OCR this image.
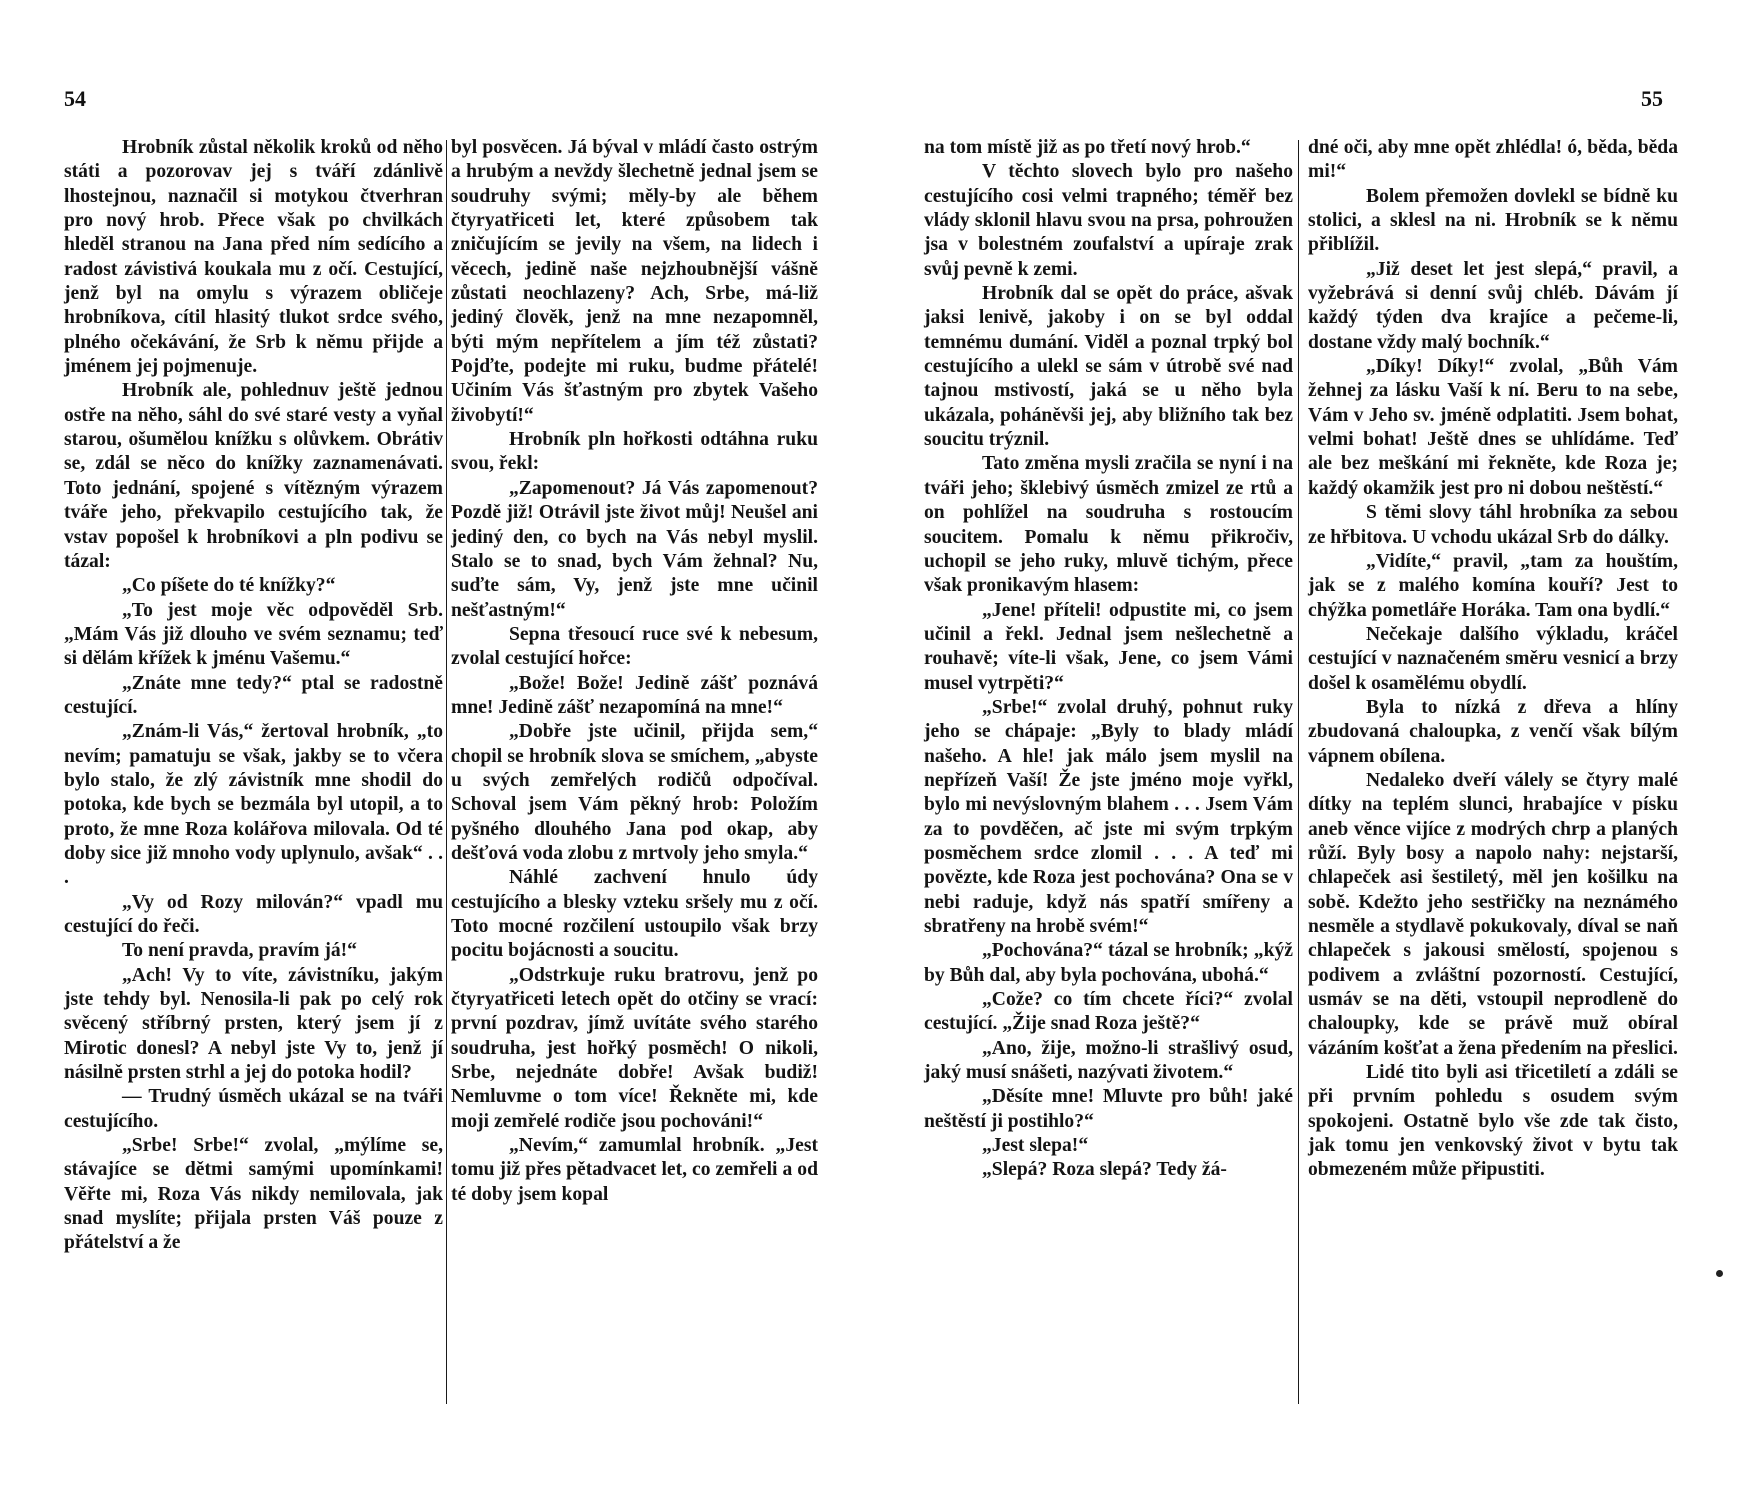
54	55

Hrobník zůstal několik kroků od něho státi a pozorovav jej s tváří zdánlivě lhostejnou, naznačil si motykou čtverhran pro nový hrob. Přece však po chvilkách hleděl stranou na Jana před ním sedícího a radost závistivá koukala mu z očí. Cestující, jenž byl na omylu s výrazem obličeje hrobníkova, cítil hlasitý tlukot srdce svého, plného očekávání, že Srb k němu přijde a jménem jej pojmenuje.

Hrobník ale, pohlednuv ještě jednou ostře na něho, sáhl do své staré vesty a vyňal starou, ošumělou knížku s olůvkem. Obrátiv se, zdál se něco do knížky zaznamenávati. Toto jednání, spojené s vítězným výrazem tváře jeho, překvapilo cestujícího tak, že vstav popošel k hrobníkovi a pln podivu se tázal:

„Co píšete do té knížky?“

„To jest moje věc odpověděl Srb. „Mám Vás již dlouho ve svém seznamu; teď si dělám křížek k jménu Vašemu.“

„Znáte mne tedy?“ ptal se radostně cestující.

„Znám-li Vás,“ žertoval hrobník, „to nevím; pamatuju se však, jakby se to včera bylo stalo, že zlý závistník mne shodil do potoka, kde bych se bezmála byl utopil, a to proto, že mne Roza kolářova milovala. Od té doby sice již mnoho vody uplynulo, avšak“ . . .

„Vy od Rozy milován?“ vpadl mu cestující do řeči.

To není pravda, pravím já!“

„Ach! Vy to víte, závistníku, jakým jste tehdy byl. Nenosila-li pak po celý rok svěcený stříbrný prsten, který jsem jí z Mirotic donesl? A nebyl jste Vy to, jenž jí násilně prsten strhl a jej do potoka hodil?

— Trudný úsměch ukázal se na tváři cestujícího.

„Srbe! Srbe!“ zvolal, „mýlíme se, stávajíce se dětmi samými upomínkami! Věřte mi, Roza Vás nikdy nemilovala, jak snad myslíte; přijala prsten Váš pouze z přátelství a že

byl posvěcen. Já býval v mládí často ostrým a hrubým a nevždy šlechetně jednal jsem se soudruhy svými; měly-by ale během čtyryatřiceti let, které způsobem tak zničujícím se jevily na všem, na lidech i věcech, jedině naše nejzhoubnější vášně zůstati neochlazeny? Ach, Srbe, má-liž jediný člověk, jenž na mne nezapomněl, býti mým nepřítelem a jím též zůstati? Pojďte, podejte mi ruku, budme přátelé! Učiním Vás šťastným pro zbytek Vašeho živobytí!“

Hrobník pln hořkosti odtáhna ruku svou, řekl:

„Zapomenout? Já Vás zapomenout? Pozdě již! Otrávil jste život můj! Neušel ani jediný den, co bych na Vás nebyl myslil. Stalo se to snad, bych Vám žehnal? Nu, suďte sám, Vy, jenž jste mne učinil nešťastným!“

Sepna třesoucí ruce své k nebesum, zvolal cestující hořce:

„Bože! Bože! Jedině zášť poznává mne! Jedině zášť nezapomíná na mne!“

„Dobře jste učinil, přijda sem,“ chopil se hrobník slova se smíchem, „abyste u svých zemřelých rodičů odpočíval. Schoval jsem Vám pěkný hrob: Položím pyšného dlouhého Jana pod okap, aby dešťová voda zlobu z mrtvoly jeho smyla.“

Náhlé zachvení hnulo údy cestujícího a blesky vzteku sršely mu z očí. Toto mocné rozčilení ustoupilo však brzy pocitu bojácnosti a soucitu.

„Odstrkuje ruku bratrovu, jenž po čtyryatřiceti letech opět do otčiny se vrací: první pozdrav, jímž uvítáte svého starého soudruha, jest hořký posměch! O nikoli, Srbe, nejednáte dobře! Avšak budiž! Nemluvme o tom více! Řekněte mi, kde moji zemřelé rodiče jsou pochováni!“

„Nevím,“ zamumlal hrobník. „Jest tomu již přes pětadvacet let, co zemřeli a od té doby jsem kopal

na tom místě již as po třetí nový hrob.“

V těchto slovech bylo pro našeho cestujícího cosi velmi trapného; téměř bez vlády sklonil hlavu svou na prsa, pohroužen jsa v bolestném zoufalství a upíraje zrak svůj pevně k zemi.

Hrobník dal se opět do práce, ašvak jaksi leniv​ě, jakoby i on se byl oddal temnému dumání. Viděl a poznal trpký bol cestujícího a ulekl se sám v útrobě své nad tajnou mstivostí, jaká se u něho byla ukázala, poháněvši jej, aby bližního tak bez soucitu trýznil.

Tato změna mysli zračila se nyní i na tváři jeho; šklebivý úsměch zmizel ze rtů a on pohlížel na soudruha s rostoucím soucitem. Pomalu k němu přikročiv, uchopil se jeho ruky, mluvě tichým, přece však pronikavým hlasem:

„Jene! příteli! odpustite mi, co jsem učinil a řekl. Jednal jsem nešlechetně a rouhavě; víte-li však, Jene, co jsem Vámi musel vytrpěti?“

„Srbe!“ zvolal druhý, pohnut ruky jeho se chápaje: „Byly to blady mládí našeho. A hle! jak málo jsem myslil na nepřízeň Vaší! Že jste jméno moje vyřkl, bylo mi nevýslovným blahem . . . Jsem Vám za to povděčen, ač jste mi svým trpkým posměchem srdce zlomil . . . A teď mi povězte, kde Roza jest pochována? Ona se v nebi raduje, když nás spatří smířeny a sbratřeny na hrobě svém!“

„Pochována?“ tázal se hrobník; „kýž by Bůh dal, aby byla pochována, ubohá.“

„Cože? co tím chcete říci?“ zvolal cestující. „Žije snad Roza ještě?“

„Ano, žije, možno-li strašlivý osud, jaký musí snášeti, nazývati životem.“

„Děsíte mne! Mluvte pro bůh! jaké neštěstí ji postihlo?“

„Jest slepa!“

„Slepá? Roza slepá? Tedy žá-

dné oči, aby mne opět zhlédla! ó, běda, běda mi!“

Bolem přemožen dovlekl se bídně ku stolici, a sklesl na ni. Hrobník se k němu přiblížil.

„Již deset let jest slepá,“ pravil, a vyžebrává si denní svůj chléb. Dávám jí každý týden dva krajíce a pečeme-li, dostane vždy malý bochník.“

„Díky! Díky!“ zvolal, „Bůh Vám žehnej za lásku Vaší k ní. Beru to na sebe, Vám v Jeho sv. jméně odplatiti. Jsem bohat, velmi bohat! Ještě dnes se uhlídáme. Teď ale bez meškání mi řekněte, kde Roza je; každý okamžik jest pro ni dobou neštěstí.“

S těmi slovy táhl hrobníka za sebou ze hřbitova. U vchodu ukázal Srb do dálky.

„Vidíte,“ pravil, „tam za houštím, jak se z malého komína kouří? Jest to chýžka pometláře Horáka. Tam ona bydlí.“

Nečekaje dalšího výkladu, kráčel cestující v naznačeném směru vesnicí a brzy došel k osamělému obydlí.

Byla to nízká z dřeva a hlíny zbudovaná chaloupka, z venčí však bílým vápnem obílena.

Nedaleko dveří válely se čtyry malé dítky na teplém slunci, hrabajíce v písku aneb věnce vijíce z modrých chrp a planých růží. Byly bosy a napolo nahy: nejstarší, chlapeček asi šestiletý, měl jen košilku na sobě. Kdežto jeho sestřičky na neznámého nesměle a stydlavě pokukovaly, díval se naň chlapeček s jakousi smělostí, spojenou s podivem a zvláštní pozorností. Cestující, usmáv se na děti, vstoupil neprodleně do chaloupky, kde se právě muž obíral vázáním košťat a žena předením na přeslici.

Lidé tito byli asi třicetiletí a zdáli se při prvním pohledu s osudem svým spokojeni. Ostatně bylo vše zde tak čisto, jak tomu jen venkovský život v bytu tak obmezeném může připustiti.
